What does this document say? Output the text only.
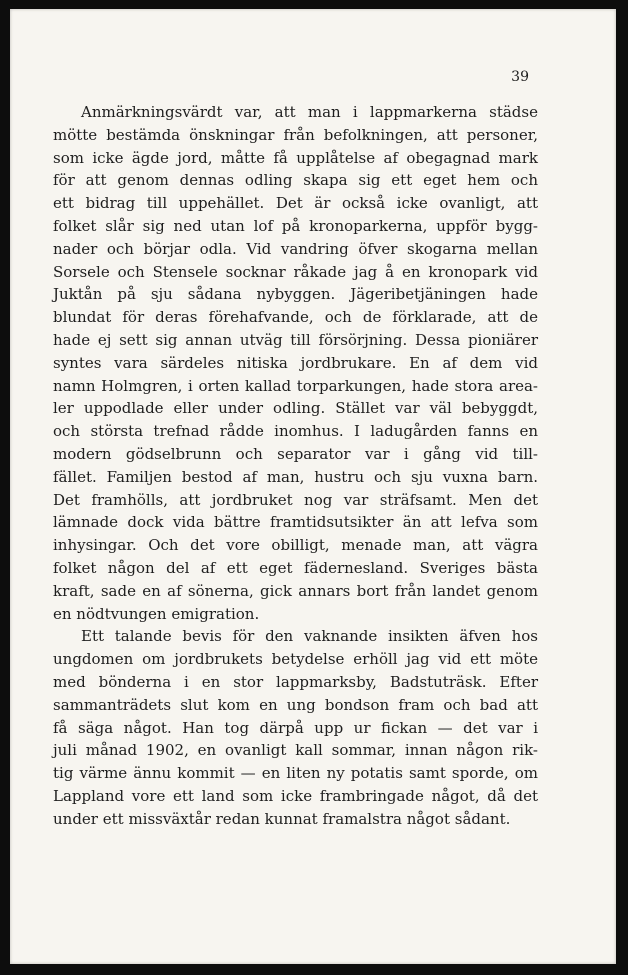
39
Anmärkningsvärdt var, att man i lappmarkerna städse
mötte bestämda önskningar från befolkningen, att personer,
som icke ägde jord, måtte få upplåtelse af obegagnad mark
för att genom dennas odling skapa sig ett eget hem och
ett bidrag till uppehället. Det är också icke ovanligt, att
folket slår sig ned utan lof på kronoparkerna, uppför bygg-
nader och börjar odla. Vid vandring öfver skogarna mellan
Sorsele och Stensele socknar råkade jag å en kronopark vid
Juktån på sju sådana nybyggen. Jägeribetjäningen hade
blundat för deras förehafvande, och de förklarade, att de
hade ej sett sig annan utväg till försörjning. Dessa pioniärer
syntes vara särdeles nitiska jordbrukare. En af dem vid
namn Holmgren, i orten kallad torparkungen, hade stora area-
ler uppodlade eller under odling. Stället var väl bebyggdt,
och största trefnad rådde inomhus. I ladugården fanns en
modern gödselbrunn och separator var i gång vid till-
fället. Familjen bestod af man, hustru och sju vuxna barn.
Det framhölls, att jordbruket nog var sträfsamt. Men det
lämnade dock vida bättre framtidsutsikter än att lefva som
inhysingar. Och det vore obilligt, menade man, att vägra
folket någon del af ett eget fädernesland. Sveriges bästa
kraft, sade en af sönerna, gick annars bort från landet genom
en nödtvungen emigration.
Ett talande bevis för den vaknande insikten äfven hos
ungdomen om jordbrukets betydelse erhöll jag vid ett möte
med bönderna i en stor lappmarksby, Badstuträsk. Efter
sammanträdets slut kom en ung bondson fram och bad att
få säga något. Han tog därpå upp ur fickan — det var i
juli månad 1902, en ovanligt kall sommar, innan någon rik-
tig värme ännu kommit — en liten ny potatis samt sporde, om
Lappland vore ett land som icke frambringade något, då det
under ett missväxtår redan kunnat framalstra något sådant.
